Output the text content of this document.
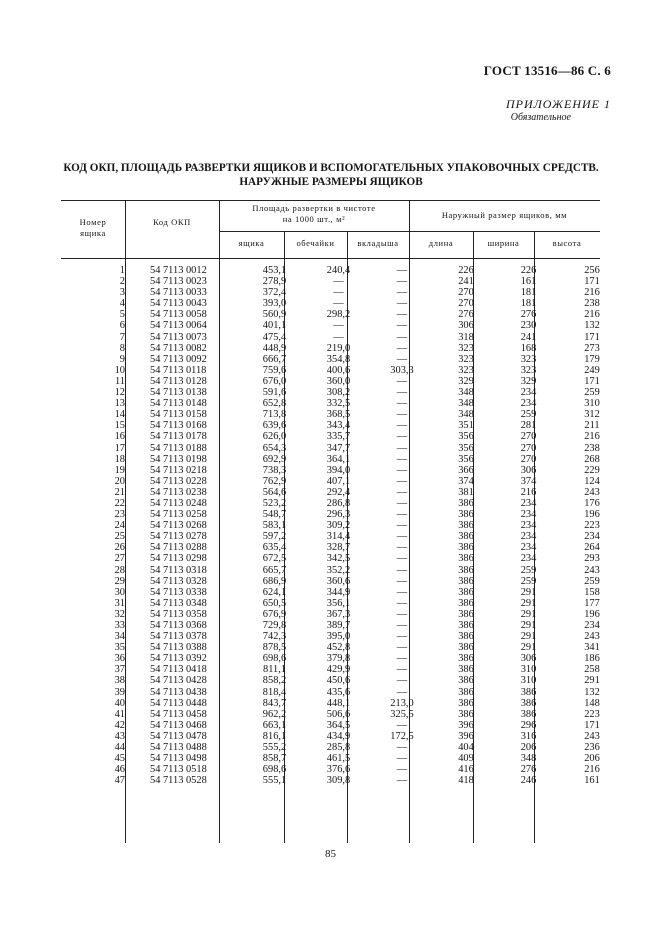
ГОСТ 13516—86 С. 6
ПРИЛОЖЕНИЕ 1
Обязательное
КОД ОКП, ПЛОЩАДЬ РАЗВЕРТКИ ЯЩИКОВ И ВСПОМОГАТЕЛЬНЫХ УПАКОВОЧНЫХ СРЕДСТВ.
НАРУЖНЫЕ РАЗМЕРЫ ЯЩИКОВ
Номер
ящика
Код ОКП
Площадь развертки в чистоте
на 1000 шт., м²	Наружный размер ящиков, мм
ящика	обечайки	вкладыша	длина	ширина	высота
1	54 7113 0012	453,1	240,4	—	226	226	256
2	54 7113 0023	278,9	—	—	241	161	171
3	54 7113 0033	372,4	—	—	270	181	216
4	54 7113 0043	393,0	—	—	270	181	238
5	54 7113 0058	560,9	298,2	—	276	276	216
6	54 7113 0064	401,1	—	—	306	230	132
7	54 7113 0073	475,4	—	—	318	241	171
8	54 7113 0082	448,9	219,0	—	323	168	273
9	54 7113 0092	666,7	354,8	—	323	323	179
10	54 7113 0118	759,6	400,6	303,3	323	323	249
11	54 7113 0128	676,0	360,0	—	329	329	171
12	54 7113 0138	591,6	308,2	—	348	234	259
13	54 7113 0148	652,8	332,5	—	348	234	310
14	54 7113 0158	713,8	368,5	—	348	259	312
15	54 7113 0168	639,6	343,4	—	351	281	211
16	54 7113 0178	626,0	335,7	—	356	270	216
17	54 7113 0188	654,3	347,7	—	356	270	238
18	54 7113 0198	692,9	364,1	—	356	270	268
19	54 7113 0218	738,3	394,0	—	366	306	229
20	54 7113 0228	762,9	407,1	—	374	374	124
21	54 7113 0238	564,6	292,4	—	381	216	243
22	54 7113 0248	523,2	286,8	—	386	234	176
23	54 7113 0258	548,7	296,3	—	386	234	196
24	54 7113 0268	583,1	309,2	—	386	234	223
25	54 7113 0278	597,2	314,4	—	386	234	234
26	54 7113 0288	635,4	328,7	—	386	234	264
27	54 7113 0298	672,5	342,5	—	386	234	293
28	54 7113 0318	665,7	352,2	—	386	259	243
29	54 7113 0328	686,9	360,6	—	386	259	259
30	54 7113 0338	624,1	344,9	—	386	291	158
31	54 7113 0348	650,5	356,1	—	386	291	177
32	54 7113 0358	676,9	367,3	—	386	291	196
33	54 7113 0368	729,8	389,7	—	386	291	234
34	54 7113 0378	742,3	395,0	—	386	291	243
35	54 7113 0388	878,5	452,8	—	386	291	341
36	54 7113 0392	698,6	379,8	—	386	306	186
37	54 7113 0418	811,1	429,9	—	386	310	258
38	54 7113 0428	858,2	450,6	—	386	310	291
39	54 7113 0438	818,4	435,6	—	386	386	132
40	54 7113 0448	843,7	448,1	213,0	386	386	148
41	54 7113 0458	962,2	506,6	325,5	386	386	223
42	54 7113 0468	663,1	364,5	—	396	296	171
43	54 7113 0478	816,1	434,9	172,5	396	316	243
44	54 7113 0488	555,2	285,8	—	404	206	236
45	54 7113 0498	858,7	461,5	—	409	348	206
46	54 7113 0518	698,6	376,6	—	416	276	216
47	54 7113 0528	555,1	309,8	—	418	246	161
85
